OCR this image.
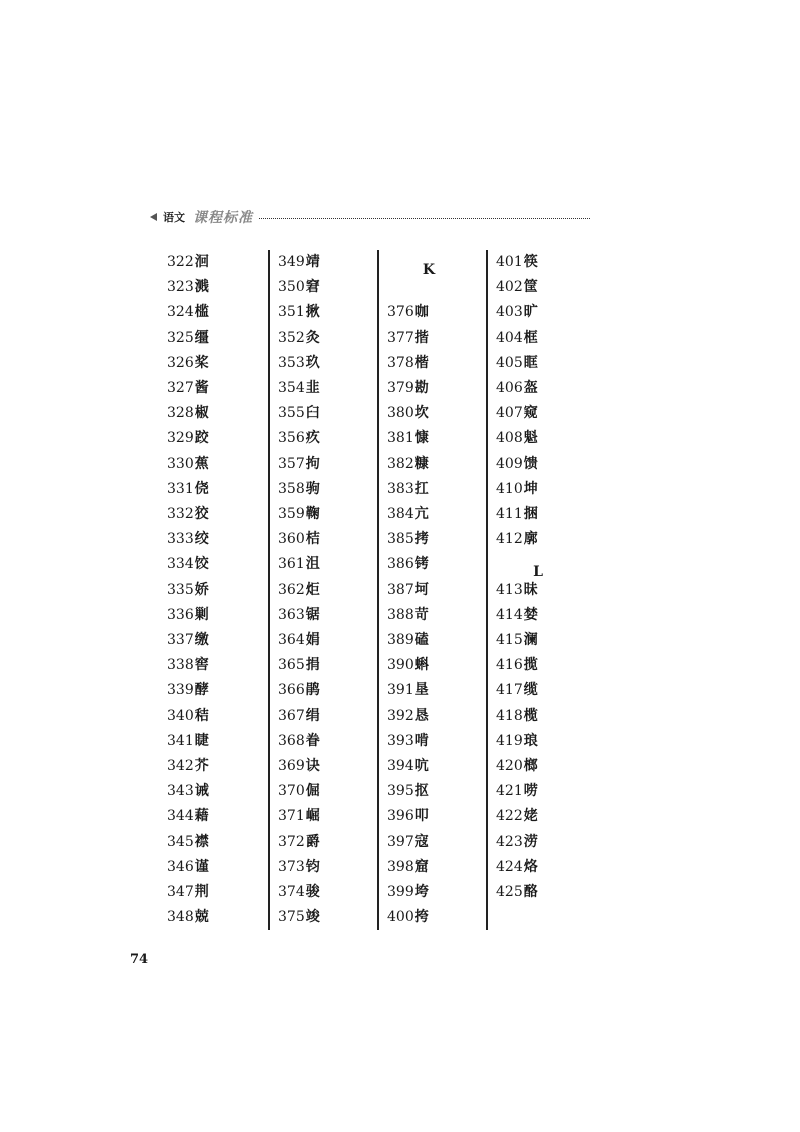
语文 课程标准
322洄
323溅
324槛
325缰
326桨
327酱
328椒
329跤
330蕉
331侥
332狡
333绞
334饺
335娇
336剿
337缴
338窖
339酵
340秸
341睫
342芥
343诫
344藉
345襟
346谨
347荆
348兢
349靖
350窘
351揪
352灸
353玖
354韭
355臼
356疚
357拘
358驹
359鞠
360桔
361沮
362炬
363锯
364娟
365捐
366鹃
367绢
368眷
369诀
370倔
371崛
372爵
373钧
374骏
375竣
K
376咖
377揩
378楷
379勘
380坎
381慷
382糠
383扛
384亢
385拷
386铐
387坷
388苛
389磕
390蝌
391垦
392恳
393啃
394吭
395抠
396叩
397寇
398窟
399垮
400挎
L
401筷
402筐
403旷
404框
405眶
406盔
407窥
408魁
409馈
410坤
411捆
412廓
413昧
414婪
415澜
416揽
417缆
418榄
419琅
420榔
421唠
422姥
423涝
424烙
425酪
74
